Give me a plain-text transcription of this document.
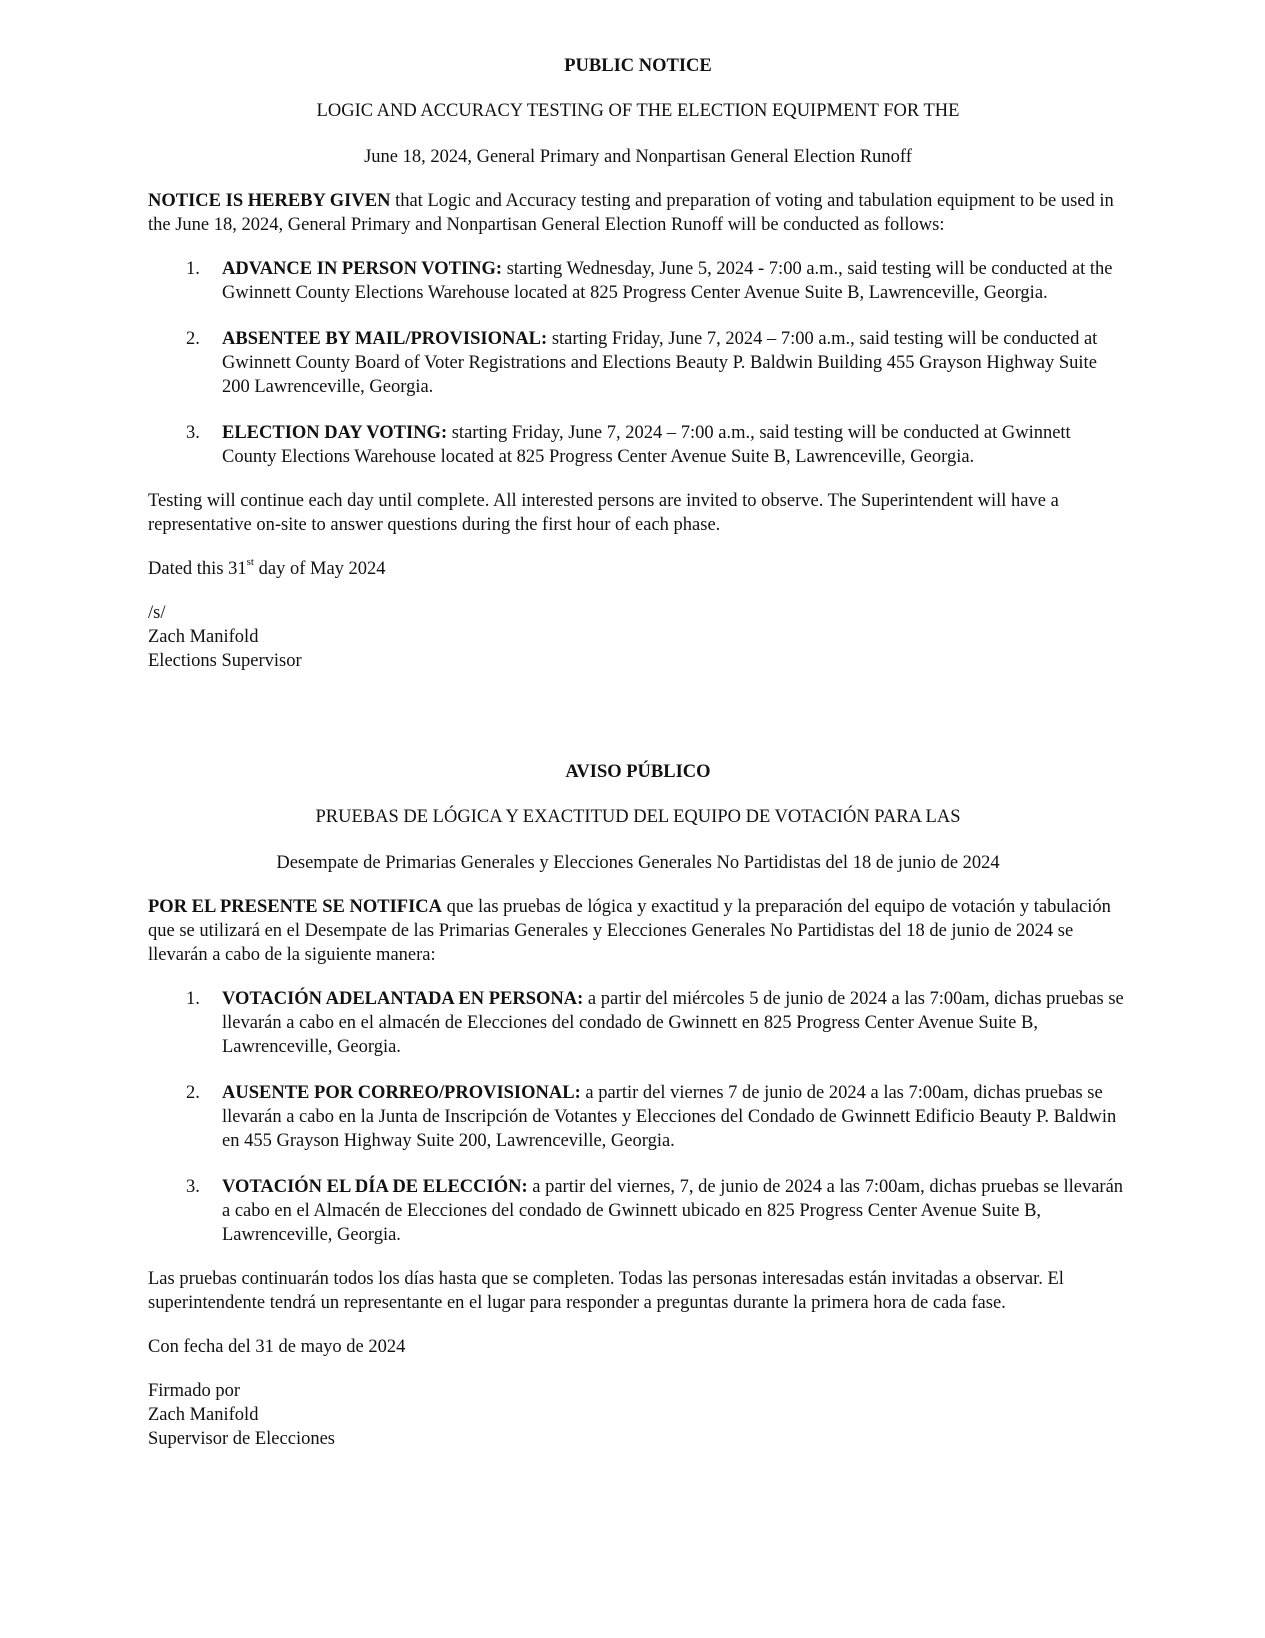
PUBLIC NOTICE

LOGIC AND ACCURACY TESTING OF THE ELECTION EQUIPMENT FOR THE

June 18, 2024, General Primary and Nonpartisan General Election Runoff

NOTICE IS HEREBY GIVEN that Logic and Accuracy testing and preparation of voting and tabulation equipment to be used in the June 18, 2024, General Primary and Nonpartisan General Election Runoff will be conducted as follows:

1. ADVANCE IN PERSON VOTING: starting Wednesday, June 5, 2024 - 7:00 a.m., said testing will be conducted at the Gwinnett County Elections Warehouse located at 825 Progress Center Avenue Suite B, Lawrenceville, Georgia.
2. ABSENTEE BY MAIL/PROVISIONAL: starting Friday, June 7, 2024 – 7:00 a.m., said testing will be conducted at Gwinnett County Board of Voter Registrations and Elections Beauty P. Baldwin Building 455 Grayson Highway Suite 200 Lawrenceville, Georgia.
3. ELECTION DAY VOTING: starting Friday, June 7, 2024 – 7:00 a.m., said testing will be conducted at Gwinnett County Elections Warehouse located at 825 Progress Center Avenue Suite B, Lawrenceville, Georgia.

Testing will continue each day until complete. All interested persons are invited to observe. The Superintendent will have a representative on-site to answer questions during the first hour of each phase.

Dated this 31st day of May 2024

/s/

Zach Manifold

Elections Supervisor

AVISO PÚBLICO

PRUEBAS DE LÓGICA Y EXACTITUD DEL EQUIPO DE VOTACIÓN PARA LAS

Desempate de Primarias Generales y Elecciones Generales No Partidistas del 18 de junio de 2024

POR EL PRESENTE SE NOTIFICA que las pruebas de lógica y exactitud y la preparación del equipo de votación y tabulación que se utilizará en el Desempate de las Primarias Generales y Elecciones Generales No Partidistas del 18 de junio de 2024 se llevarán a cabo de la siguiente manera:

1. VOTACIÓN ADELANTADA EN PERSONA: a partir del miércoles 5 de junio de 2024 a las 7:00am, dichas pruebas se llevarán a cabo en el almacén de Elecciones del condado de Gwinnett en 825 Progress Center Avenue Suite B, Lawrenceville, Georgia.
2. AUSENTE POR CORREO/PROVISIONAL: a partir del viernes 7 de junio de 2024 a las 7:00am, dichas pruebas se llevarán a cabo en la Junta de Inscripción de Votantes y Elecciones del Condado de Gwinnett Edificio Beauty P. Baldwin en 455 Grayson Highway Suite 200, Lawrenceville, Georgia.
3. VOTACIÓN EL DÍA DE ELECCIÓN: a partir del viernes, 7, de junio de 2024 a las 7:00am, dichas pruebas se llevarán a cabo en el Almacén de Elecciones del condado de Gwinnett ubicado en 825 Progress Center Avenue Suite B, Lawrenceville, Georgia.

Las pruebas continuarán todos los días hasta que se completen. Todas las personas interesadas están invitadas a observar. El superintendente tendrá un representante en el lugar para responder a preguntas durante la primera hora de cada fase.

Con fecha del 31 de mayo de 2024

Firmado por

Zach Manifold

Supervisor de Elecciones
